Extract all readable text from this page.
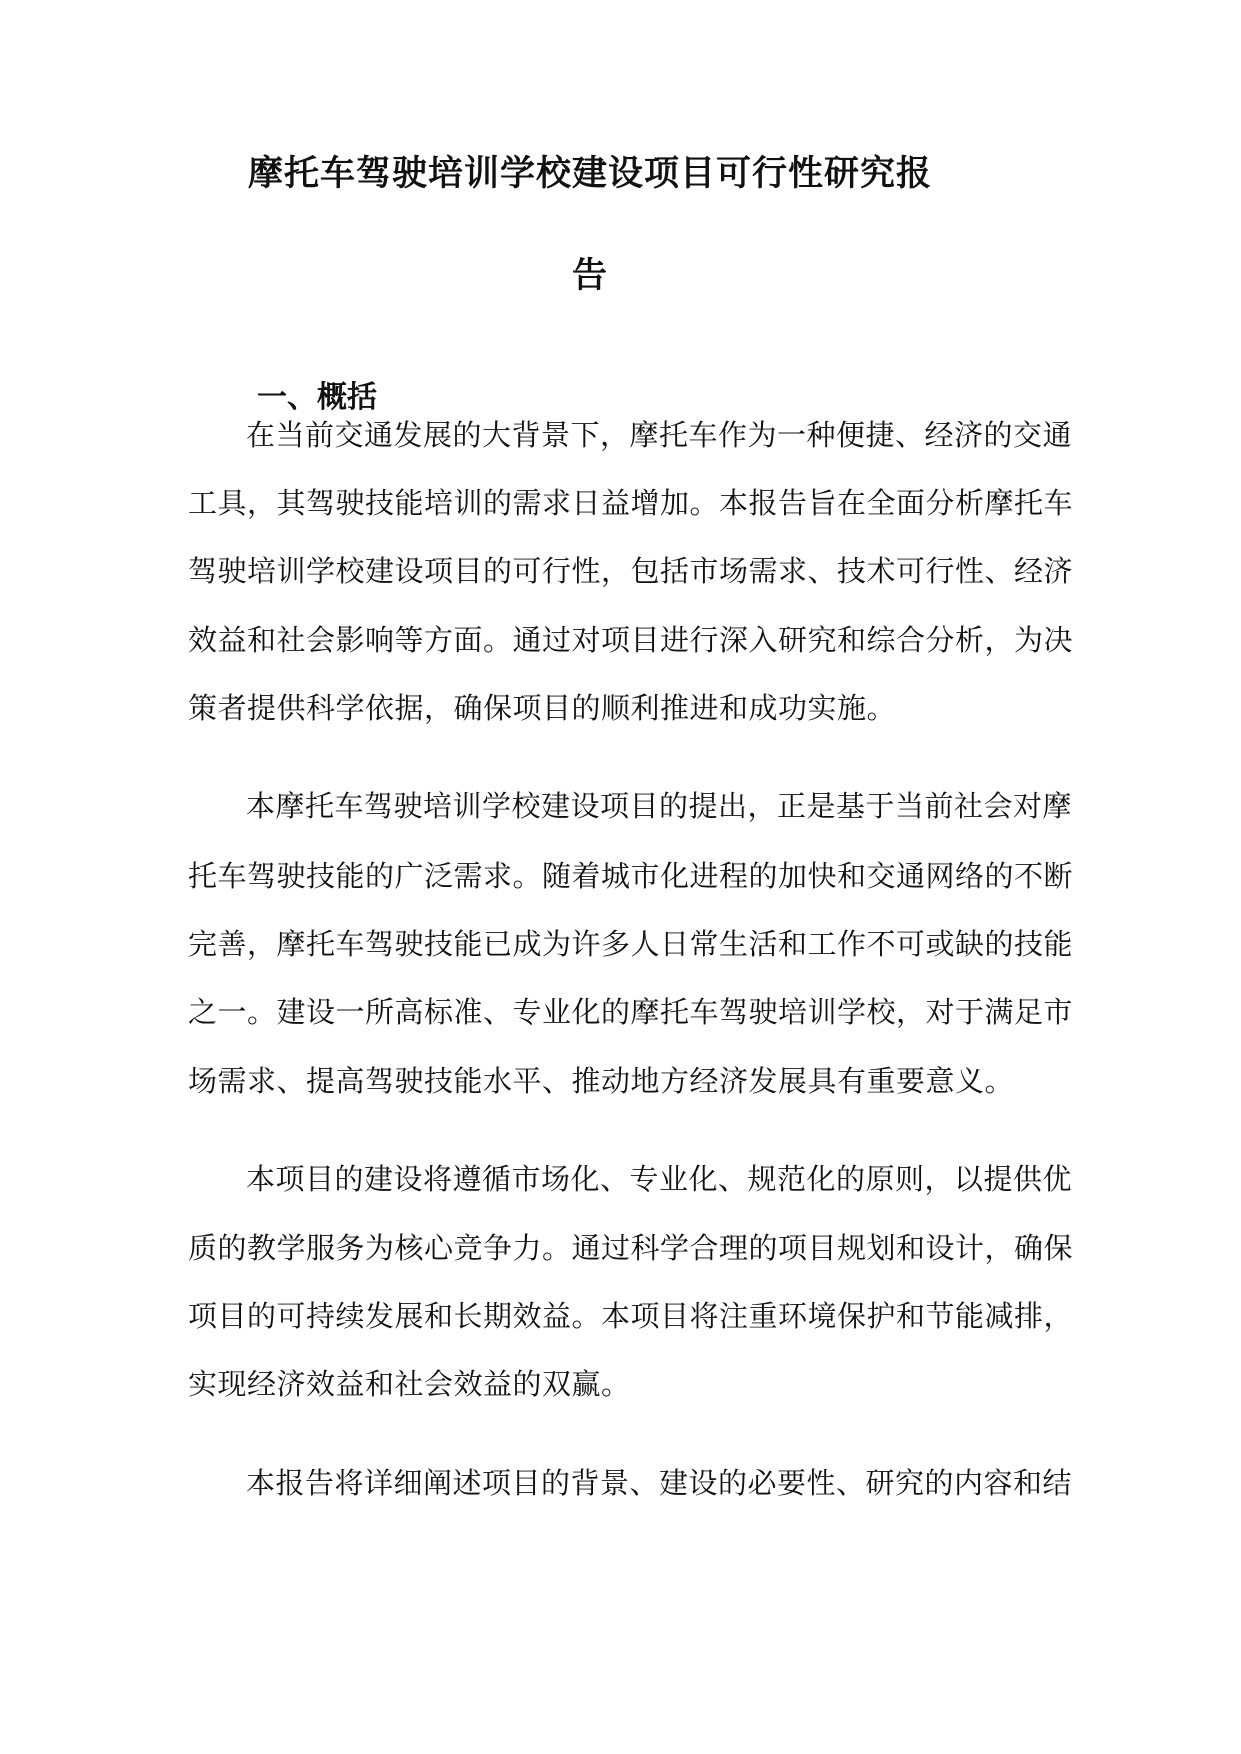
摩托车驾驶培训学校建设项目可行性研究报
告
一、概括
在当前交通发展的大背景下，摩托车作为一种便捷、经济的交通
工具，其驾驶技能培训的需求日益增加。本报告旨在全面分析摩托车
驾驶培训学校建设项目的可行性，包括市场需求、技术可行性、经济
效益和社会影响等方面。通过对项目进行深入研究和综合分析，为决
策者提供科学依据，确保项目的顺利推进和成功实施。
本摩托车驾驶培训学校建设项目的提出，正是基于当前社会对摩
托车驾驶技能的广泛需求。随着城市化进程的加快和交通网络的不断
完善，摩托车驾驶技能已成为许多人日常生活和工作不可或缺的技能
之一。建设一所高标准、专业化的摩托车驾驶培训学校，对于满足市
场需求、提高驾驶技能水平、推动地方经济发展具有重要意义。
本项目的建设将遵循市场化、专业化、规范化的原则，以提供优
质的教学服务为核心竞争力。通过科学合理的项目规划和设计，确保
项目的可持续发展和长期效益。本项目将注重环境保护和节能减排，
实现经济效益和社会效益的双赢。
本报告将详细阐述项目的背景、建设的必要性、研究的内容和结
